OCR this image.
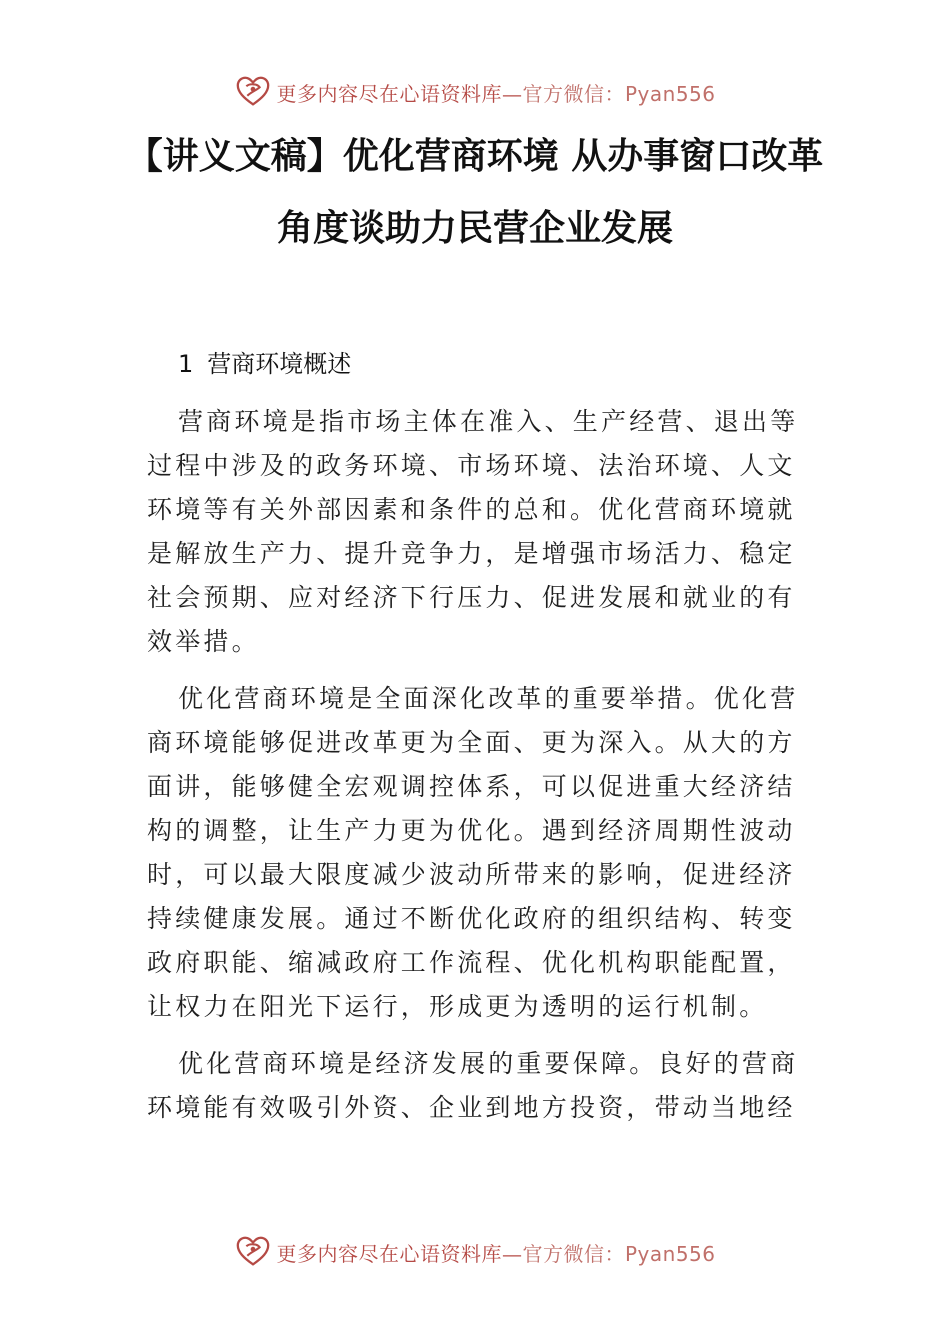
更多内容尽在心语资料库—官方微信：Pyan556
【讲义文稿】优化营商环境 从办事窗口改革
角度谈助力民营企业发展
1 营商环境概述
营商环境是指市场主体在准入、生产经营、退出等
过程中涉及的政务环境、市场环境、法治环境、人文
环境等有关外部因素和条件的总和。优化营商环境就
是解放生产力、提升竞争力，是增强市场活力、稳定
社会预期、应对经济下行压力、促进发展和就业的有
效举措。
优化营商环境是全面深化改革的重要举措。优化营
商环境能够促进改革更为全面、更为深入。从大的方
面讲，能够健全宏观调控体系，可以促进重大经济结
构的调整，让生产力更为优化。遇到经济周期性波动
时，可以最大限度减少波动所带来的影响，促进经济
持续健康发展。通过不断优化政府的组织结构、转变
政府职能、缩减政府工作流程、优化机构职能配置，
让权力在阳光下运行，形成更为透明的运行机制。
优化营商环境是经济发展的重要保障。良好的营商
环境能有效吸引外资、企业到地方投资，带动当地经
更多内容尽在心语资料库—官方微信：Pyan556
